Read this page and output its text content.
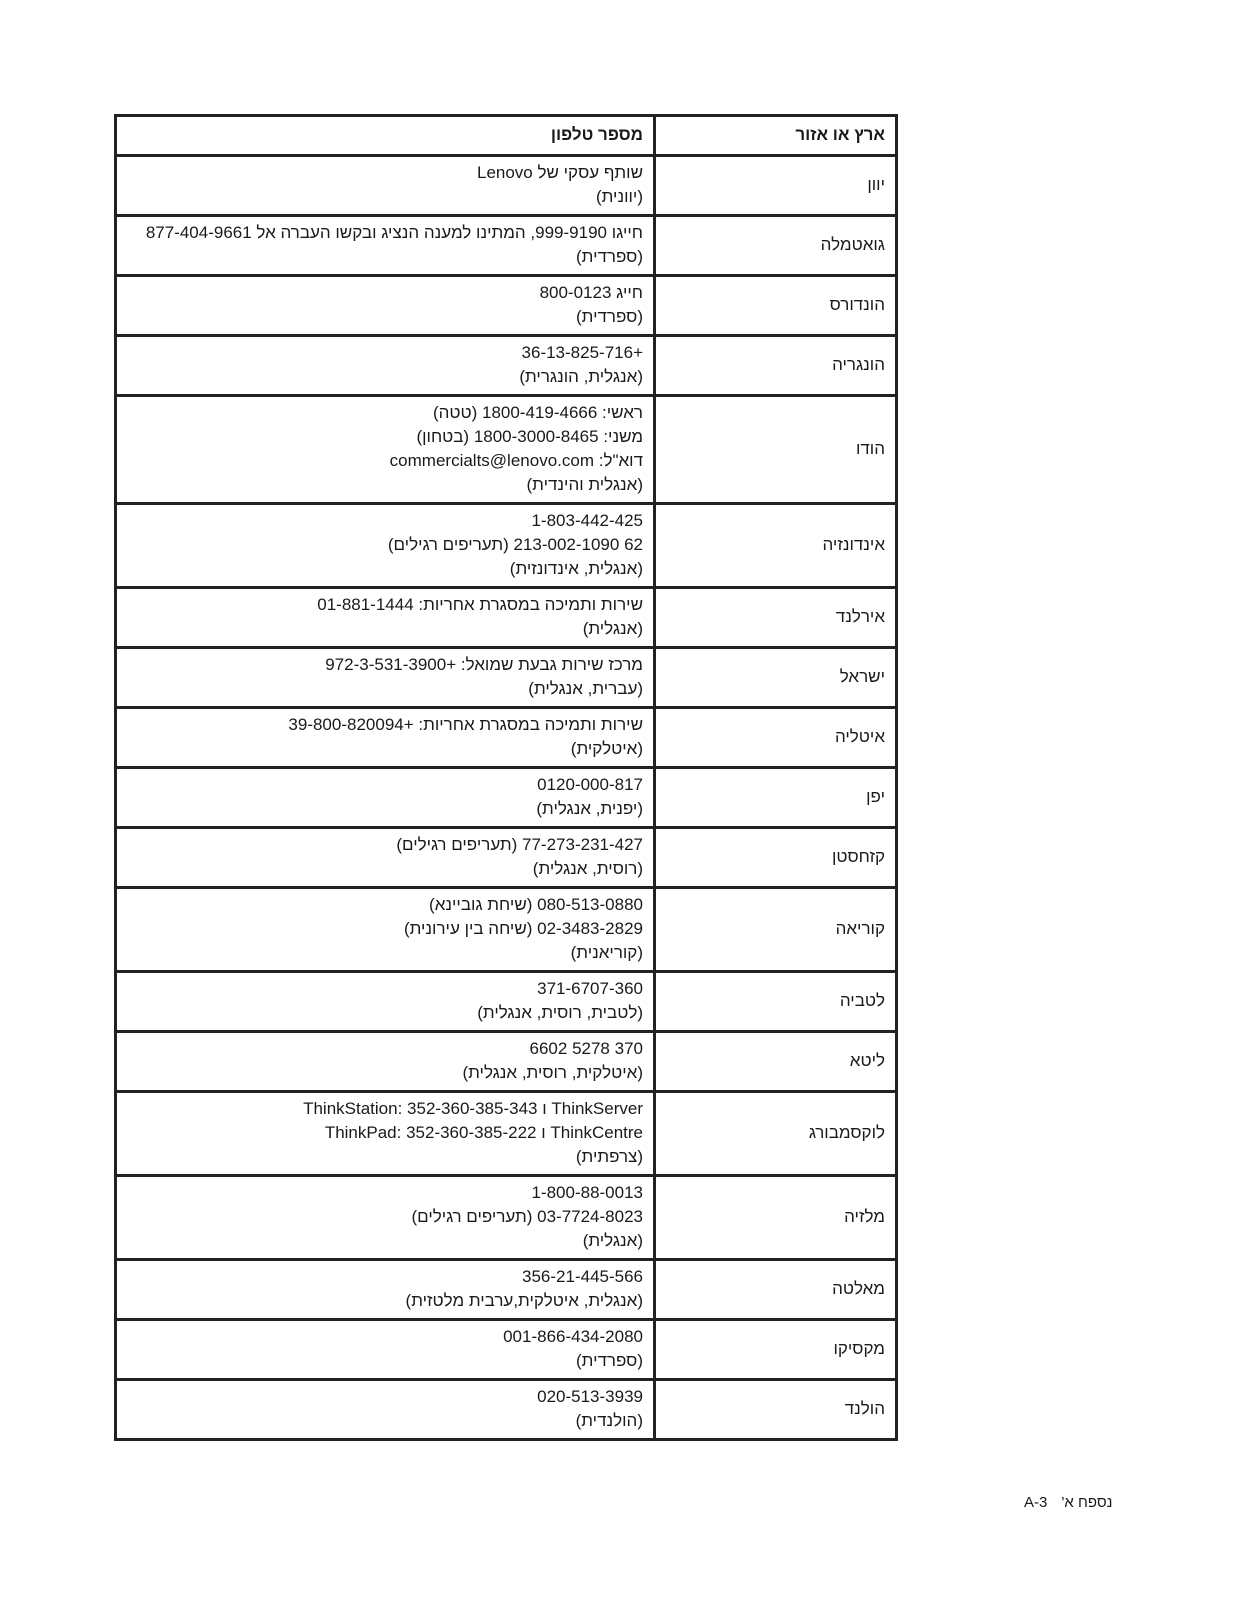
ארץ או אזור	מספר טלפון
יוון	שותף עסקי של Lenovo
(יוונית)

גואטמלה	חייגו 999-9190, המתינו למענה הנציג ובקשו העברה אל 877-404-9661
(ספרדית)

הונדורס	חייג 800-0123
(ספרדית)

הונגריה	+36-13-825-716
(אנגלית, הונגרית)

הודו	ראשי: 1800-419-4666 (טטה)
משני: 1800-3000-8465 (בטחון)
דוא"ל: commercialts@lenovo.com
(אנגלית והינדית)

אינדונזיה	1-803-442-425
62 213-002-1090 (תעריפים רגילים)
(אנגלית, אינדונזית)

אירלנד	שירות ותמיכה במסגרת אחריות: 01-881-1444
(אנגלית)

ישראל	מרכז שירות גבעת שמואל: +972-3-531-3900
(עברית, אנגלית)

איטליה	שירות ותמיכה במסגרת אחריות: +39-800-820094
(איטלקית)

יפן	0120-000-817
(יפנית, אנגלית)

קזחסטן	77-273-231-427 (תעריפים רגילים)
(רוסית, אנגלית)

קוריאה	080-513-0880 (שיחת גוביינא)
02-3483-2829 (שיחה בין עירונית)
(קוריאנית)

לטביה	371-6707-360
(לטבית, רוסית, אנגלית)

ליטא	370 5278 6602
(איטלקית, רוסית, אנגלית)

לוקסמבורג	ThinkServer ו ThinkStation: 352-360-385-343
ThinkCentre ו ThinkPad: 352-360-385-222
(צרפתית)

מלזיה	1-800-88-0013
03-7724-8023 (תעריפים רגילים)
(אנגלית)

מאלטה	356-21-445-566
(אנגלית, איטלקית,ערבית מלטזית)

מקסיקו	001-866-434-2080
(ספרדית)

הולנד	020-513-3939
(הולנדית)
נספח א' A-3
